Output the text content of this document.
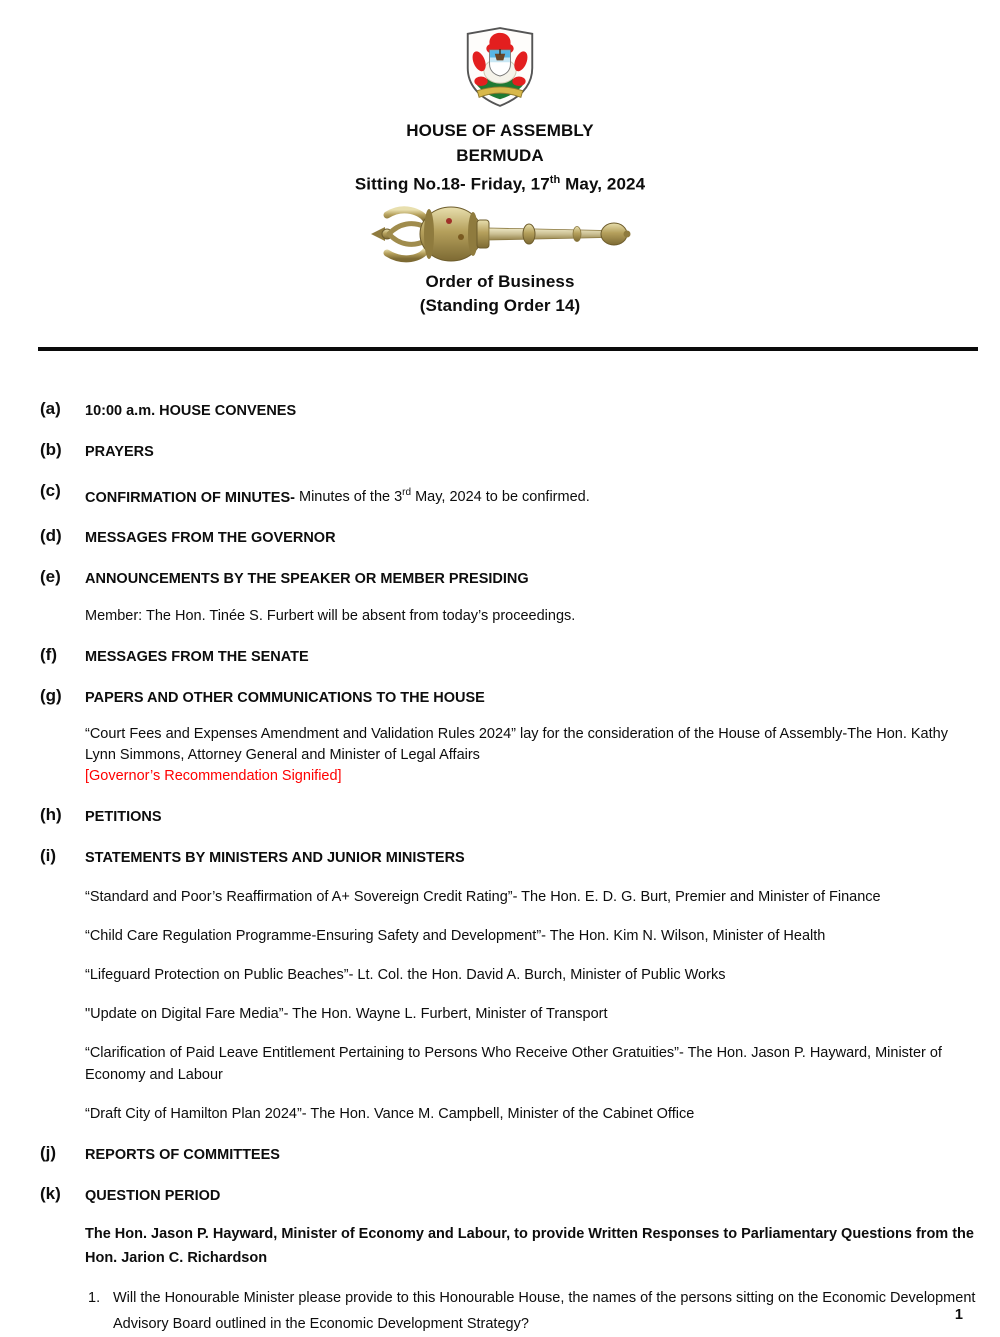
HOUSE OF ASSEMBLY
BERMUDA
Sitting No.18- Friday, 17th May, 2024
Order of Business
(Standing Order 14)
(a)	10:00 a.m. HOUSE CONVENES
(b)	PRAYERS
(c)	CONFIRMATION OF MINUTES- Minutes of the 3rd May, 2024 to be confirmed.
(d)	MESSAGES FROM THE GOVERNOR
(e)	ANNOUNCEMENTS BY THE SPEAKER OR MEMBER PRESIDING
Member: The Hon. Tinée S. Furbert will be absent from today’s proceedings.
(f)	MESSAGES FROM THE SENATE
(g)	PAPERS AND OTHER COMMUNICATIONS TO THE HOUSE
“Court Fees and Expenses Amendment and Validation Rules 2024” lay for the consideration of the House of Assembly-The Hon. Kathy Lynn Simmons, Attorney General and Minister of Legal Affairs
[Governor’s Recommendation Signified]
(h)	PETITIONS
(i)	STATEMENTS BY MINISTERS AND JUNIOR MINISTERS
“Standard and Poor’s Reaffirmation of A+ Sovereign Credit Rating”- The Hon. E. D. G. Burt, Premier and Minister of Finance
“Child Care Regulation Programme-Ensuring Safety and Development”- The Hon. Kim N. Wilson, Minister of Health
“Lifeguard Protection on Public Beaches”- Lt. Col. the Hon. David A. Burch, Minister of Public Works
"Update on Digital Fare Media”- The Hon. Wayne L. Furbert, Minister of Transport
“Clarification of Paid Leave Entitlement Pertaining to Persons Who Receive Other Gratuities”- The Hon. Jason P. Hayward, Minister of Economy and Labour
“Draft City of Hamilton Plan 2024”- The Hon. Vance M. Campbell, Minister of the Cabinet Office
(j)	REPORTS OF COMMITTEES
(k)	QUESTION PERIOD
The Hon. Jason P. Hayward, Minister of Economy and Labour, to provide Written Responses to Parliamentary Questions from the Hon. Jarion C. Richardson
1. Will the Honourable Minister please provide to this Honourable House, the names of the persons sitting on the Economic Development Advisory Board outlined in the Economic Development Strategy?
1
